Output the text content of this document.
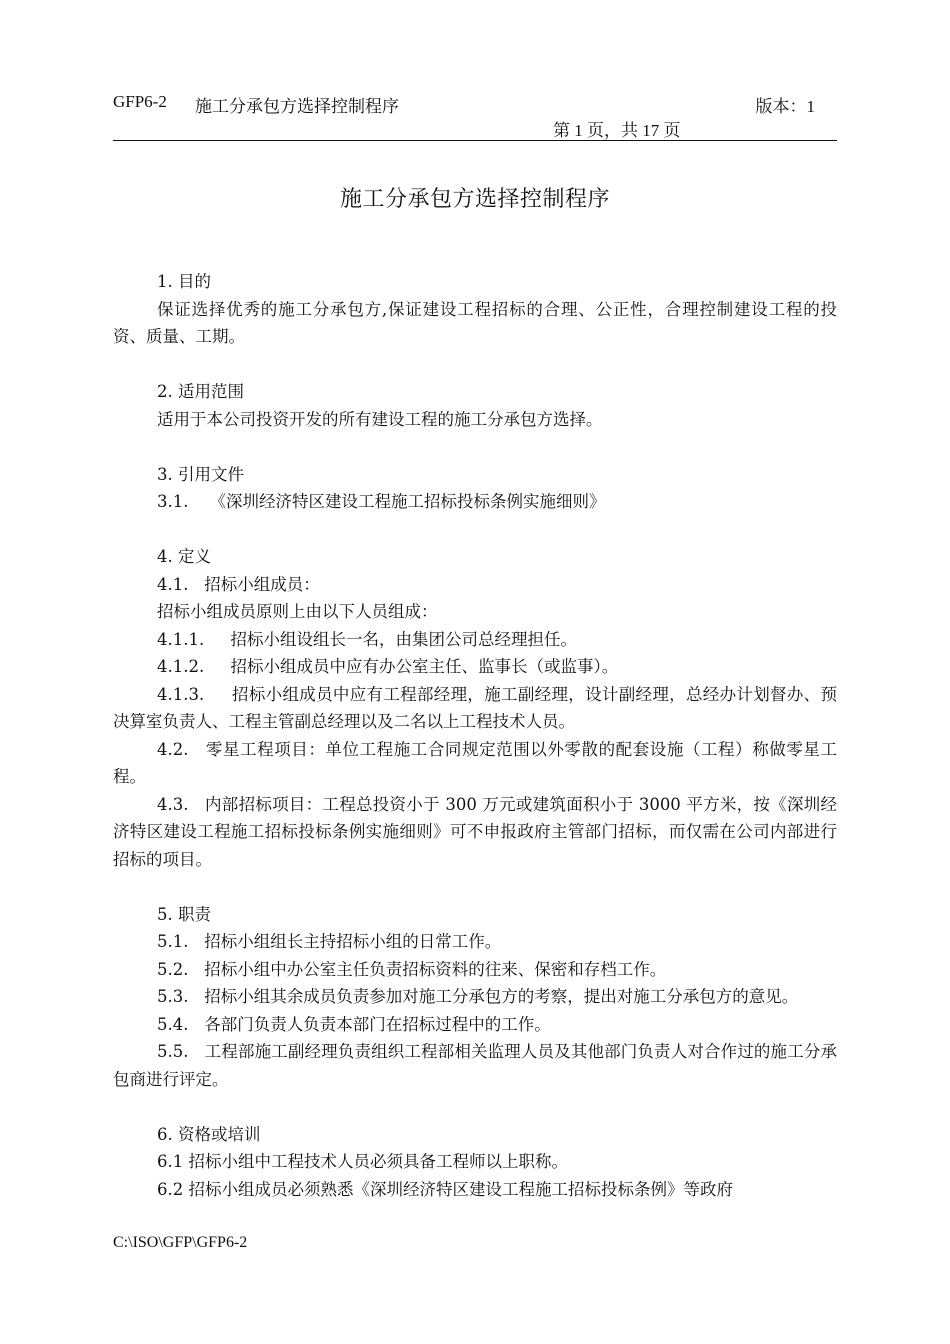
GFP6-2 施工分承包方选择控制程序	版本：1
第 1 页，共 17 页
施工分承包方选择控制程序

1. 目的

保证选择优秀的施工分承包方,保证建设工程招标的合理、公正性，合理控制建设工程的投资、质量、工期。

2. 适用范围

适用于本公司投资开发的所有建设工程的施工分承包方选择。

3. 引用文件

3.1.    《深圳经济特区建设工程施工招标投标条例实施细则》

4. 定义

4.1.   招标小组成员：

招标小组成员原则上由以下人员组成：

4.1.1.     招标小组设组长一名，由集团公司总经理担任。

4.1.2.     招标小组成员中应有办公室主任、监事长（或监事）。

4.1.3.     招标小组成员中应有工程部经理，施工副经理，设计副经理，总经办计划督办、预决算室负责人、工程主管副总经理以及二名以上工程技术人员。

4.2.   零星工程项目：单位工程施工合同规定范围以外零散的配套设施（工程）称做零星工程。

4.3.   内部招标项目：工程总投资小于 300 万元或建筑面积小于 3000 平方米，按《深圳经济特区建设工程施工招标投标条例实施细则》可不申报政府主管部门招标，而仅需在公司内部进行招标的项目。

5. 职责

5.1.   招标小组组长主持招标小组的日常工作。

5.2.   招标小组中办公室主任负责招标资料的往来、保密和存档工作。

5.3.   招标小组其余成员负责参加对施工分承包方的考察，提出对施工分承包方的意见。

5.4.   各部门负责人负责本部门在招标过程中的工作。

5.5.   工程部施工副经理负责组织工程部相关监理人员及其他部门负责人对合作过的施工分承包商进行评定。

6. 资格或培训

6.1 招标小组中工程技术人员必须具备工程师以上职称。

6.2 招标小组成员必须熟悉《深圳经济特区建设工程施工招标投标条例》等政府

C:\ISO\GFP\GFP6-2
